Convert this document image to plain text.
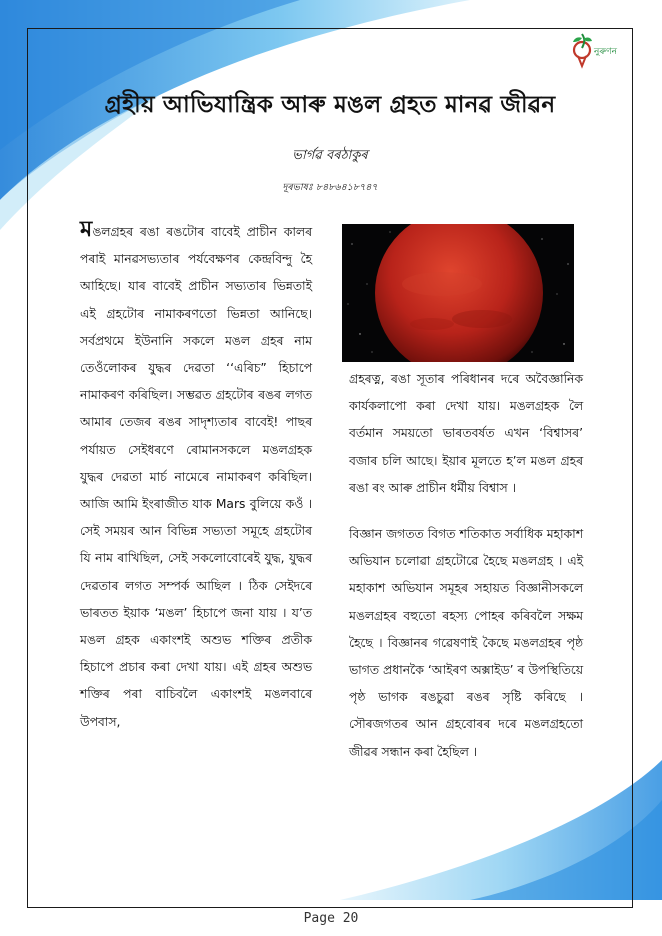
নুৰুণন
গ্ৰহীয় আভিযান্ত্ৰিক আৰু মঙল গ্ৰহত মানৱ জীৱন
ভাৰ্গৱ বৰঠাকুৰ
দূৰভাষঃ ৮৪৮৬৪১৮৭৪৭

মঙলগ্ৰহৰ ৰঙা ৰঙটোৰ বাবেই প্ৰাচীন কালৰ পৰাই মানৱসভ্যতাৰ পৰ্যবেক্ষণৰ কেন্দ্ৰবিন্দু হৈ আহিছে। যাৰ বাবেই প্ৰাচীন সভ্যতাৰ ভিন্নতাই এই গ্ৰহটোৰ নামাকৰণতো ভিন্নতা আনিছে। সৰ্বপ্ৰথমে ইউনানি সকলে মঙল গ্ৰহৰ নাম তেওঁলোকৰ যুদ্ধৰ দেৱতা ‘‘এৰিচ” হিচাপে নামাকৰণ কৰিছিল। সম্ভৱত গ্ৰহটোৰ ৰঙৰ লগত আমাৰ তেজৰ ৰঙৰ সাদৃশ্যতাৰ বাবেই! পাছৰ পৰ্যায়ত সেইধৰণে ৰোমানসকলে মঙলগ্ৰহক যুদ্ধৰ দেৱতা মাৰ্চ নামেৰে নামাকৰণ কৰিছিল। আজি আমি ইংৰাজীত যাক Mars বুলিয়ে কওঁ । সেই সময়ৰ আন বিভিন্ন সভ্যতা সমূহে গ্ৰহটোৰ যি নাম ৰাখিছিল, সেই সকলোবোৰেই যুদ্ধ, যুদ্ধৰ দেৱতাৰ লগত সম্পৰ্ক আছিল । ঠিক সেইদৰে ভাৰতত ইয়াক ‘মঙল’ হিচাপে জনা যায় । য’ত মঙল গ্ৰহক একাংশই অশুভ শক্তিৰ প্ৰতীক হিচাপে প্ৰচাৰ কৰা দেখা যায়। এই গ্ৰহৰ অশুভ শক্তিৰ পৰা বাচিবলৈ একাংশই মঙলবাৰে উপবাস,

গ্ৰহৰত্ন, ৰঙা সূতাৰ পৰিধানৰ দৰে অবৈজ্ঞানিক কাৰ্যকলাপো কৰা দেখা যায়। মঙলগ্ৰহক লৈ বৰ্তমান সময়তো ভাৰতবৰ্ষত এখন ‘বিশ্বাসৰ’ বজাৰ চলি আছে। ইয়াৰ মূলতে হ’ল মঙল গ্ৰহৰ ৰঙা ৰং আৰু প্ৰাচীন ধৰ্মীয় বিশ্বাস ।

বিজ্ঞান জগতত বিগত শতিকাত সৰ্বাধিক মহাকাশ অভিযান চলোৱা গ্ৰহটোৱে হৈছে মঙলগ্ৰহ । এই মহাকাশ অভিযান সমূহৰ সহায়ত বিজ্ঞানীসকলে মঙলগ্ৰহৰ বহুতো ৰহস্য পোহৰ কৰিবলৈ সক্ষম হৈছে । বিজ্ঞানৰ গৱেষণাই কৈছে মঙলগ্ৰহৰ পৃষ্ঠ ভাগত প্ৰধানকৈ ‘আইৰণ অক্সাইড’ ৰ উপস্থিতিয়ে পৃষ্ঠ ভাগক ৰঙচুৱা ৰঙৰ সৃষ্টি কৰিছে । সৌৰজগতৰ আন গ্ৰহবোৰৰ দৰে মঙলগ্ৰহতো জীৱৰ সন্ধান কৰা হৈছিল ।

Page 20
